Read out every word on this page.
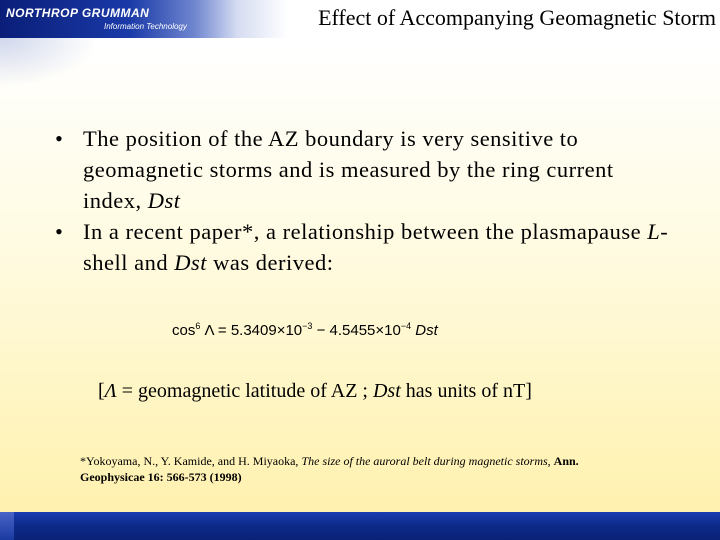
NORTHROP GRUMMAN
Information Technology	Effect of Accompanying Geomagnetic Storm
• The position of the AZ boundary is very sensitive to geomagnetic storms and is measured by the ring current index, Dst
• In a recent paper*, a relationship between the plasmapause L-shell and Dst was derived:
$\cos^6 \Lambda = 5.3409\times 10^{-3} - 4.5455\times 10^{-4}$ Dst
[Λ = geomagnetic latitude of AZ ; Dst has units of nT]
*Yokoyama, N., Y. Kamide, and H. Miyaoka, The size of the auroral belt during magnetic storms, Ann. Geophysicae 16: 566-573 (1998)
